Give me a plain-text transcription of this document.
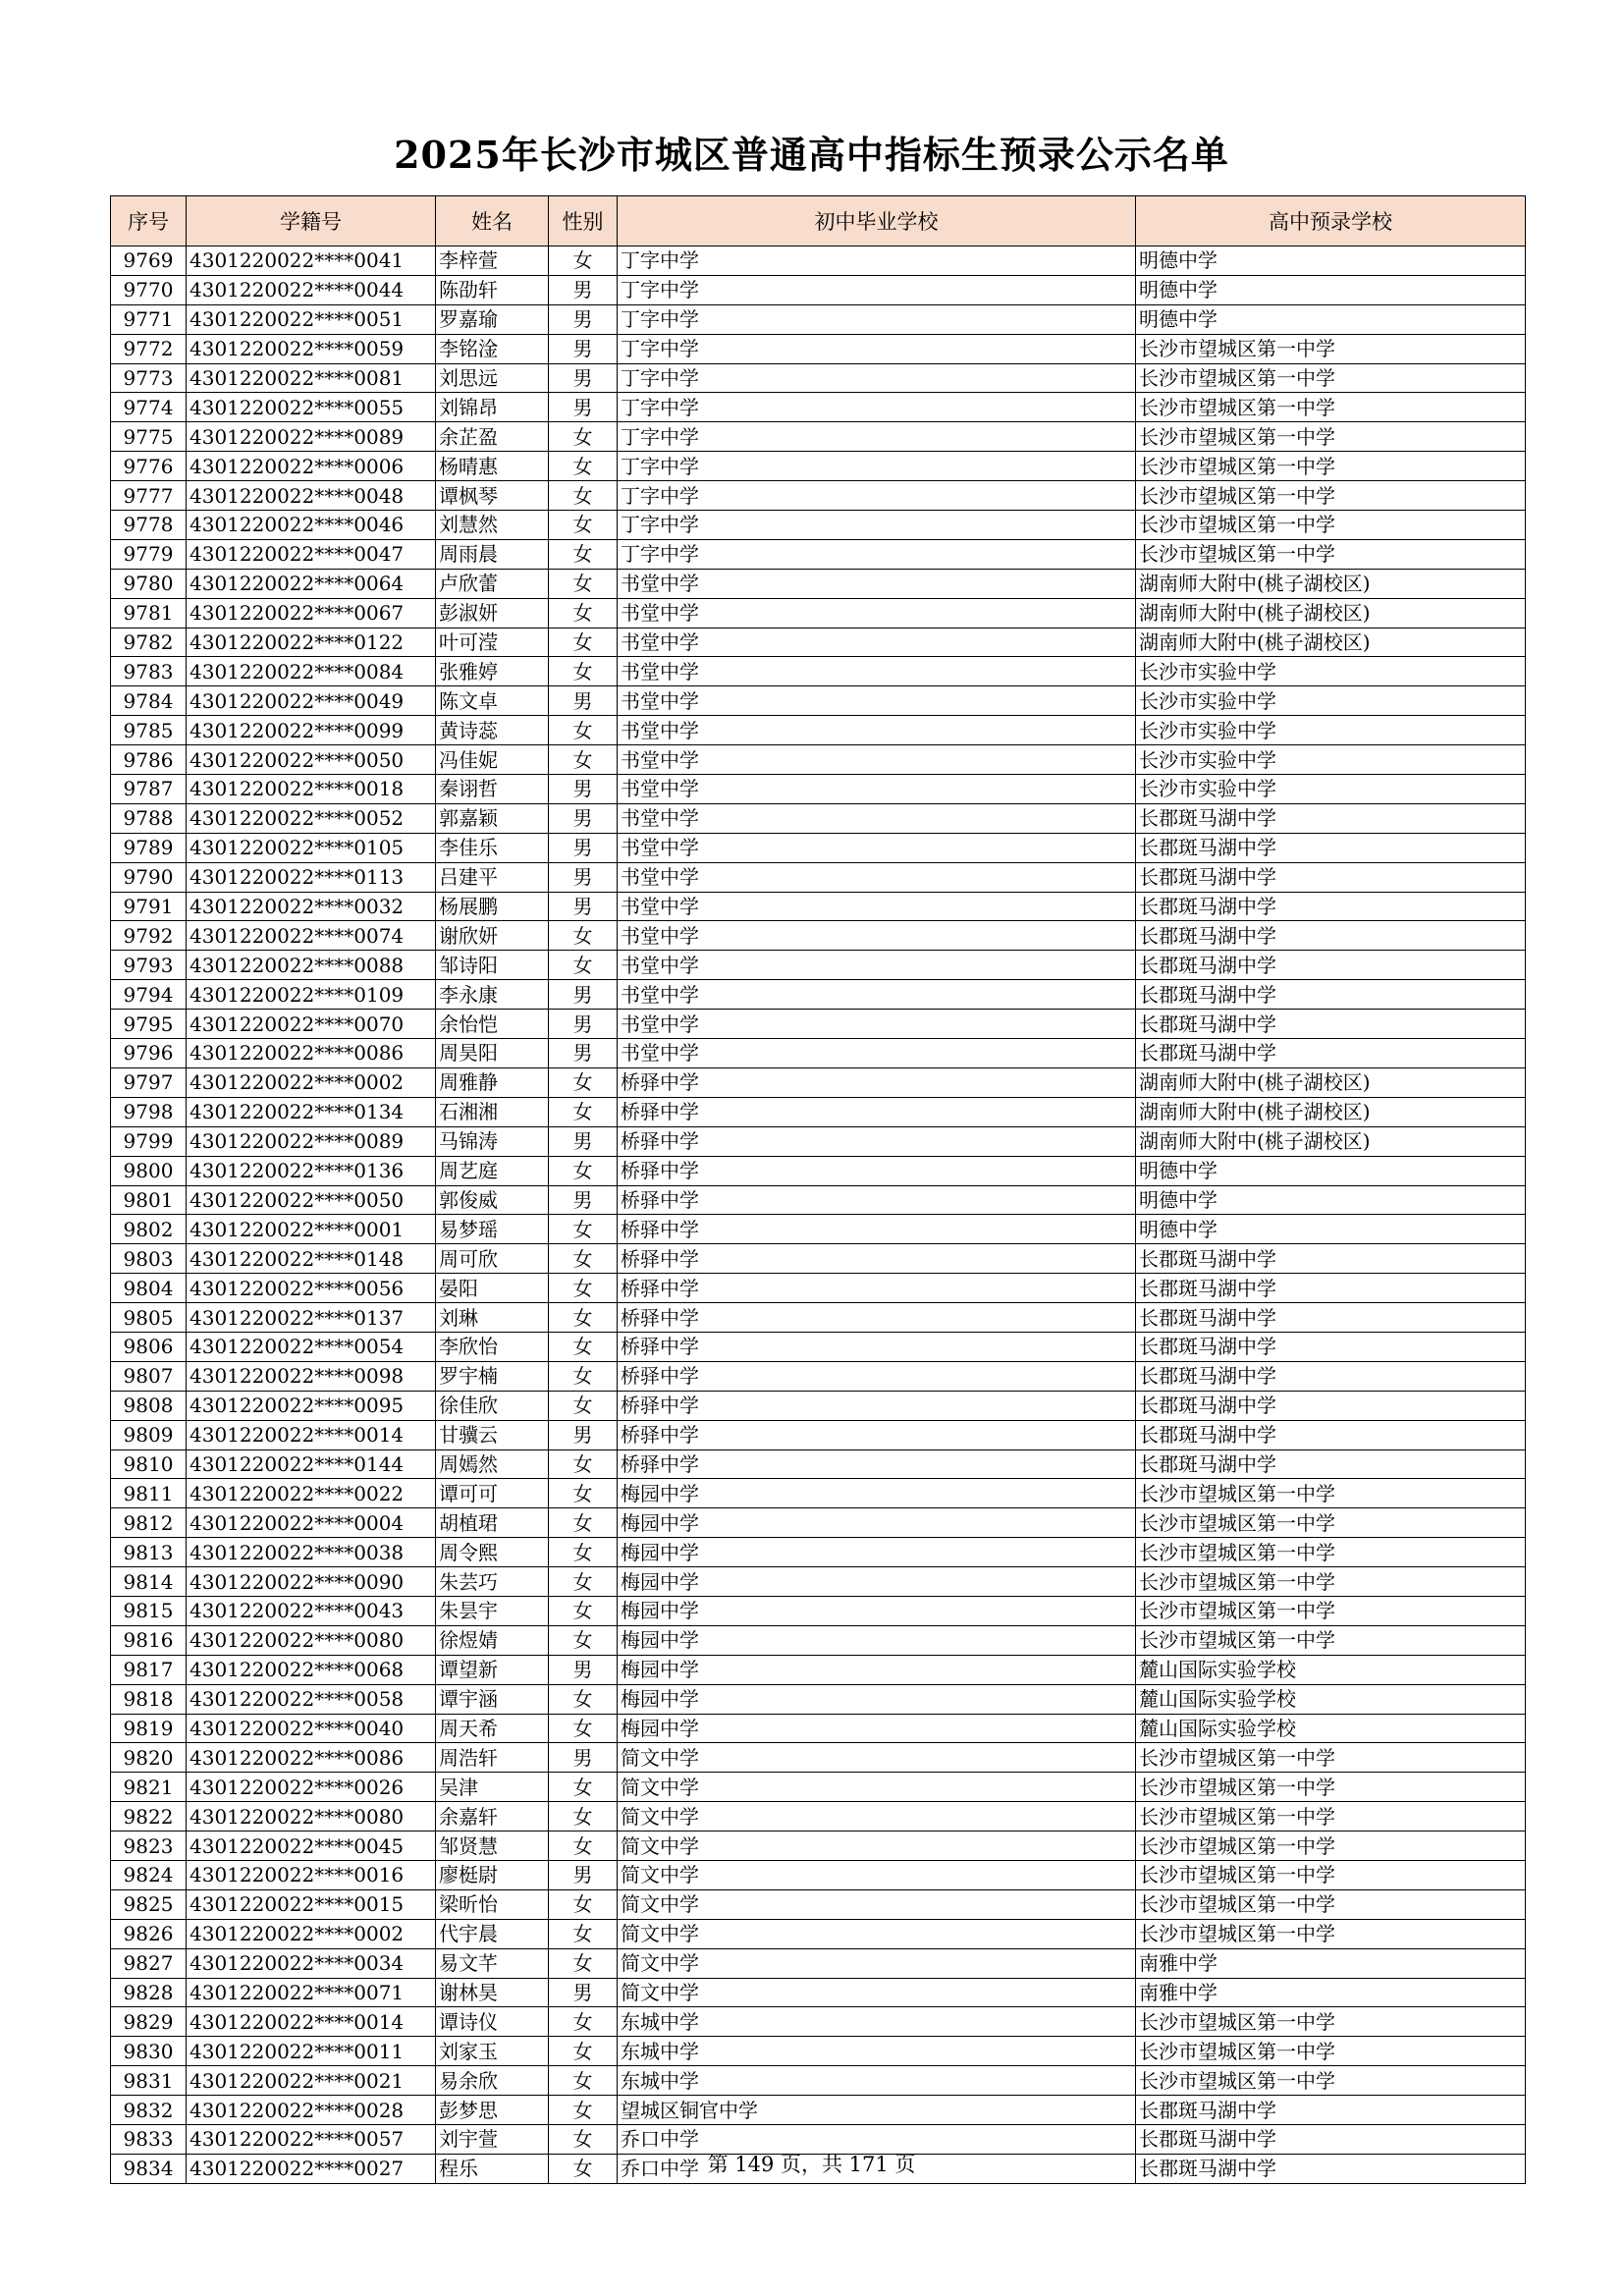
2025年长沙市城区普通高中指标生预录公示名单
序号	学籍号	姓名	性别	初中毕业学校	高中预录学校
9769	4301220022****0041	李梓萱	女	丁字中学	明德中学
9770	4301220022****0044	陈劭轩	男	丁字中学	明德中学
9771	4301220022****0051	罗嘉瑜	男	丁字中学	明德中学
9772	4301220022****0059	李铭淦	男	丁字中学	长沙市望城区第一中学
9773	4301220022****0081	刘思远	男	丁字中学	长沙市望城区第一中学
9774	4301220022****0055	刘锦昂	男	丁字中学	长沙市望城区第一中学
9775	4301220022****0089	余芷盈	女	丁字中学	长沙市望城区第一中学
9776	4301220022****0006	杨晴惠	女	丁字中学	长沙市望城区第一中学
9777	4301220022****0048	谭枫琴	女	丁字中学	长沙市望城区第一中学
9778	4301220022****0046	刘慧然	女	丁字中学	长沙市望城区第一中学
9779	4301220022****0047	周雨晨	女	丁字中学	长沙市望城区第一中学
9780	4301220022****0064	卢欣蕾	女	书堂中学	湖南师大附中(桃子湖校区)
9781	4301220022****0067	彭淑妍	女	书堂中学	湖南师大附中(桃子湖校区)
9782	4301220022****0122	叶可滢	女	书堂中学	湖南师大附中(桃子湖校区)
9783	4301220022****0084	张雅婷	女	书堂中学	长沙市实验中学
9784	4301220022****0049	陈文卓	男	书堂中学	长沙市实验中学
9785	4301220022****0099	黄诗蕊	女	书堂中学	长沙市实验中学
9786	4301220022****0050	冯佳妮	女	书堂中学	长沙市实验中学
9787	4301220022****0018	秦诩哲	男	书堂中学	长沙市实验中学
9788	4301220022****0052	郭嘉颖	男	书堂中学	长郡斑马湖中学
9789	4301220022****0105	李佳乐	男	书堂中学	长郡斑马湖中学
9790	4301220022****0113	吕建平	男	书堂中学	长郡斑马湖中学
9791	4301220022****0032	杨展鹏	男	书堂中学	长郡斑马湖中学
9792	4301220022****0074	谢欣妍	女	书堂中学	长郡斑马湖中学
9793	4301220022****0088	邹诗阳	女	书堂中学	长郡斑马湖中学
9794	4301220022****0109	李永康	男	书堂中学	长郡斑马湖中学
9795	4301220022****0070	余怡恺	男	书堂中学	长郡斑马湖中学
9796	4301220022****0086	周昊阳	男	书堂中学	长郡斑马湖中学
9797	4301220022****0002	周雅静	女	桥驿中学	湖南师大附中(桃子湖校区)
9798	4301220022****0134	石湘湘	女	桥驿中学	湖南师大附中(桃子湖校区)
9799	4301220022****0089	马锦涛	男	桥驿中学	湖南师大附中(桃子湖校区)
9800	4301220022****0136	周艺庭	女	桥驿中学	明德中学
9801	4301220022****0050	郭俊威	男	桥驿中学	明德中学
9802	4301220022****0001	易梦瑶	女	桥驿中学	明德中学
9803	4301220022****0148	周可欣	女	桥驿中学	长郡斑马湖中学
9804	4301220022****0056	晏阳	女	桥驿中学	长郡斑马湖中学
9805	4301220022****0137	刘琳	女	桥驿中学	长郡斑马湖中学
9806	4301220022****0054	李欣怡	女	桥驿中学	长郡斑马湖中学
9807	4301220022****0098	罗宇楠	女	桥驿中学	长郡斑马湖中学
9808	4301220022****0095	徐佳欣	女	桥驿中学	长郡斑马湖中学
9809	4301220022****0014	甘骥云	男	桥驿中学	长郡斑马湖中学
9810	4301220022****0144	周嫣然	女	桥驿中学	长郡斑马湖中学
9811	4301220022****0022	谭可可	女	梅园中学	长沙市望城区第一中学
9812	4301220022****0004	胡植珺	女	梅园中学	长沙市望城区第一中学
9813	4301220022****0038	周令熙	女	梅园中学	长沙市望城区第一中学
9814	4301220022****0090	朱芸巧	女	梅园中学	长沙市望城区第一中学
9815	4301220022****0043	朱昙宇	女	梅园中学	长沙市望城区第一中学
9816	4301220022****0080	徐煜婧	女	梅园中学	长沙市望城区第一中学
9817	4301220022****0068	谭望新	男	梅园中学	麓山国际实验学校
9818	4301220022****0058	谭宇涵	女	梅园中学	麓山国际实验学校
9819	4301220022****0040	周天希	女	梅园中学	麓山国际实验学校
9820	4301220022****0086	周浩轩	男	简文中学	长沙市望城区第一中学
9821	4301220022****0026	吴津	女	简文中学	长沙市望城区第一中学
9822	4301220022****0080	余嘉轩	女	简文中学	长沙市望城区第一中学
9823	4301220022****0045	邹贤慧	女	简文中学	长沙市望城区第一中学
9824	4301220022****0016	廖梃尉	男	简文中学	长沙市望城区第一中学
9825	4301220022****0015	梁昕怡	女	简文中学	长沙市望城区第一中学
9826	4301220022****0002	代宇晨	女	简文中学	长沙市望城区第一中学
9827	4301220022****0034	易文芊	女	简文中学	南雅中学
9828	4301220022****0071	谢林昊	男	简文中学	南雅中学
9829	4301220022****0014	谭诗仪	女	东城中学	长沙市望城区第一中学
9830	4301220022****0011	刘家玉	女	东城中学	长沙市望城区第一中学
9831	4301220022****0021	易余欣	女	东城中学	长沙市望城区第一中学
9832	4301220022****0028	彭梦思	女	望城区铜官中学	长郡斑马湖中学
9833	4301220022****0057	刘宇萱	女	乔口中学	长郡斑马湖中学
9834	4301220022****0027	程乐	女	乔口中学	长郡斑马湖中学
第 149 页，共 171 页
